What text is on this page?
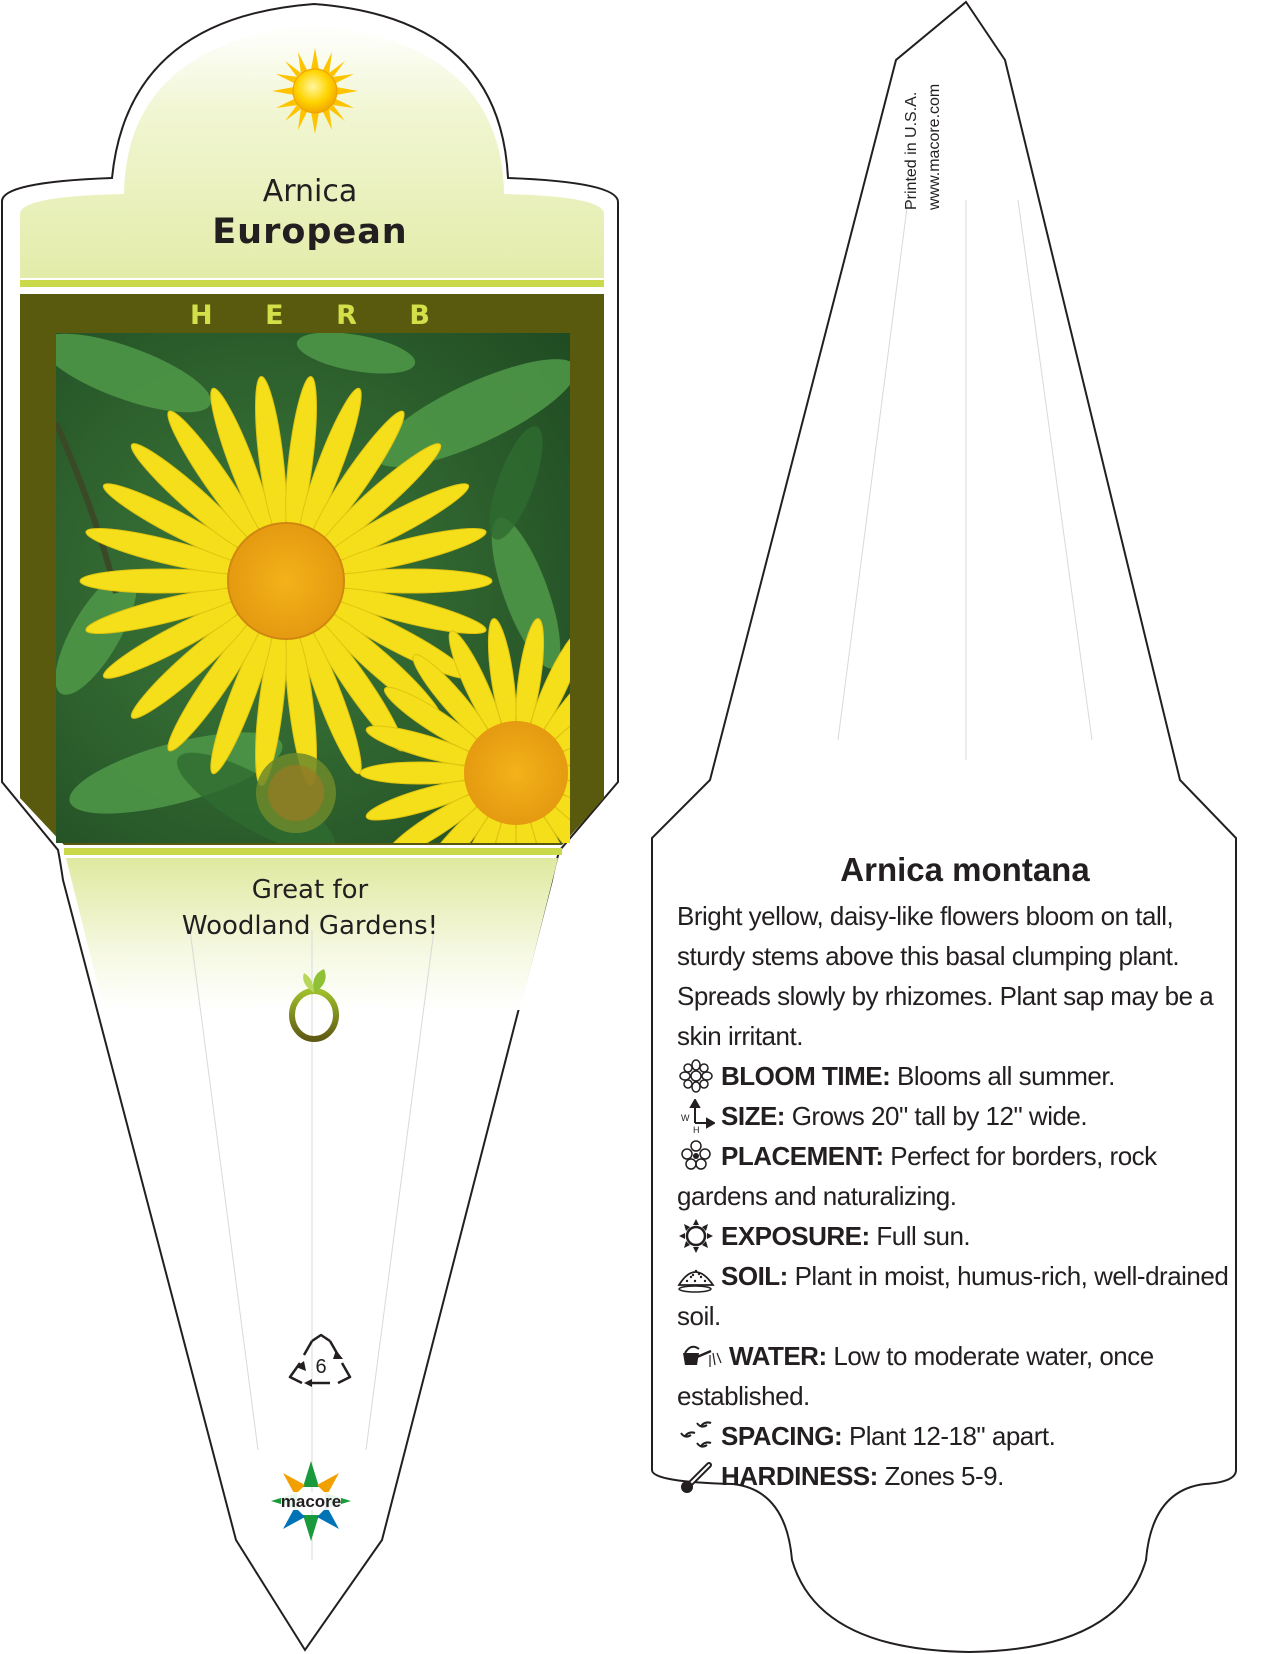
Arnica
European
H E R B
Great for
Woodland Gardens!
6
macore
Printed in U.S.A. www.macore.com
Arnica montana
Bright yellow, daisy-like flowers bloom on tall, sturdy stems above this basal clumping plant. Spreads slowly by rhizomes. Plant sap may be a skin irritant.
BLOOM TIME: Blooms all summer.
W
H SIZE: Grows 20" tall by 12" wide.
PLACEMENT: Perfect for borders, rock gardens and naturalizing.
EXPOSURE: Full sun.
SOIL: Plant in moist, humus-rich, well-drained soil.
WATER: Low to moderate water, once established.
SPACING: Plant 12-18" apart.
HARDINESS: Zones 5-9.
